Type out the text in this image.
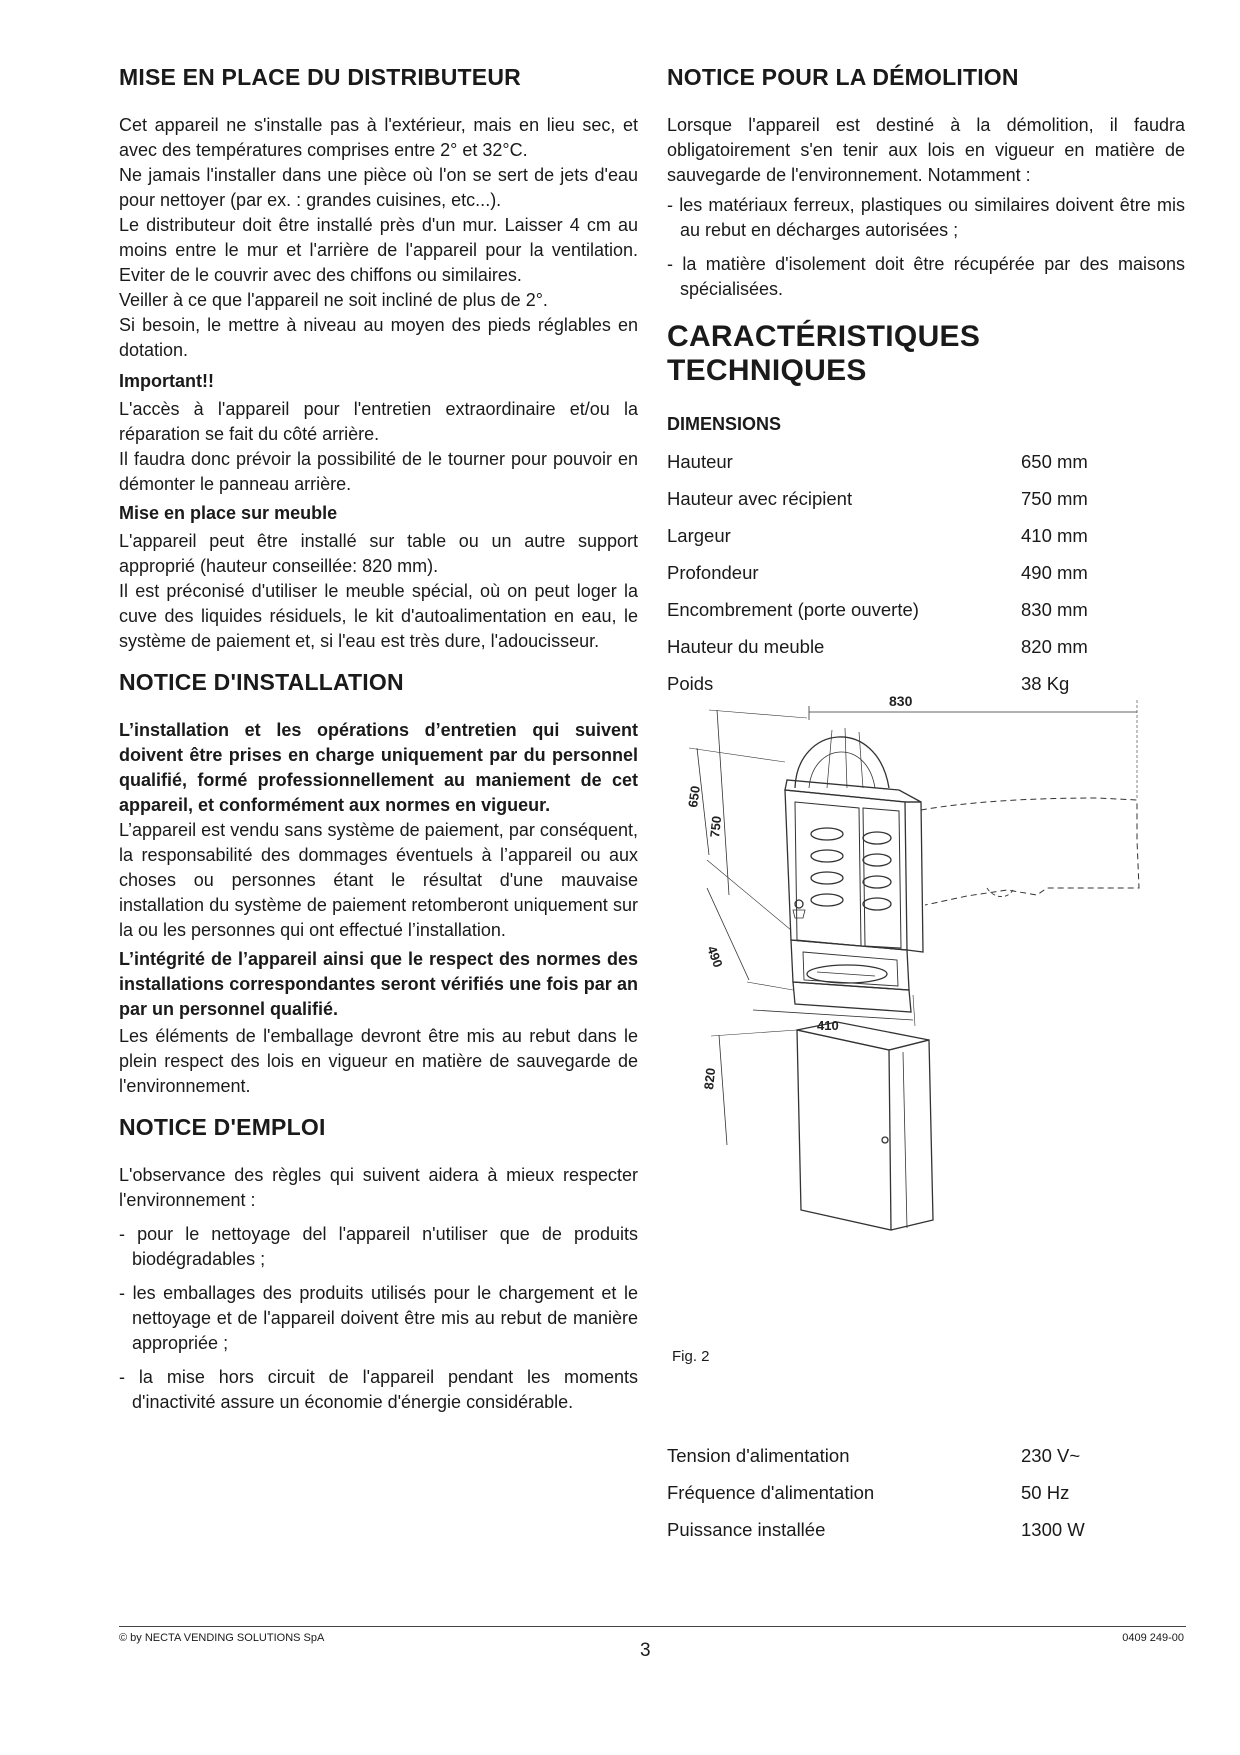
MISE EN PLACE DU DISTRIBUTEUR

Cet appareil ne s'installe pas à l'extérieur, mais en lieu sec, et avec des températures comprises entre 2° et 32°C.

Ne jamais l'installer dans une pièce où l'on se sert de jets d'eau pour nettoyer (par ex. : grandes cuisines, etc...).

Le distributeur doit être installé près d'un mur. Laisser 4 cm au moins entre le mur et l'arrière de l'appareil pour la ventilation. Eviter de le couvrir avec des chiffons ou similaires.

Veiller à ce que l'appareil ne soit incliné de plus de 2°.

Si besoin, le mettre à niveau au moyen des pieds réglables en dotation.

Important!!

L'accès à l'appareil pour l'entretien extraordinaire et/ou la réparation se fait du côté arrière.

Il faudra donc prévoir la possibilité de le tourner pour pouvoir en démonter le panneau arrière.

Mise en place sur meuble

L'appareil peut être installé sur table ou un autre support approprié (hauteur conseillée: 820 mm).

Il est préconisé d'utiliser le meuble spécial, où on peut loger la cuve des liquides résiduels, le kit d'autoalimentation en eau, le système de paiement et, si l'eau est très dure, l'adoucisseur.

NOTICE D'INSTALLATION

L’installation et les opérations d’entretien qui suivent doivent être prises en charge uniquement par du personnel qualifié, formé professionnellement au maniement de cet appareil, et conformément aux normes en vigueur.

L’appareil est vendu sans système de paiement, par conséquent, la responsabilité des dommages éventuels à l’appareil ou aux choses ou personnes étant le résultat d'une mauvaise installation du système de paiement retomberont uniquement sur la ou les personnes qui ont effectué l’installation.

L’intégrité de l’appareil ainsi que le respect des normes des installations correspondantes seront vérifiés une fois par an par un personnel qualifié.

Les éléments de l'emballage devront être mis au rebut dans le plein respect des lois en vigueur en matière de sauvegarde de l'environnement.

NOTICE D'EMPLOI

L'observance des règles qui suivent aidera à mieux respecter l'environnement :

- pour le nettoyage del l'appareil n'utiliser que de produits biodégradables ;

- les emballages des produits utilisés pour le chargement et le nettoyage et de l'appareil doivent être mis au rebut de manière appropriée ;

- la mise hors circuit de l'appareil pendant les moments d'inactivité assure un économie d'énergie considérable.

NOTICE POUR LA DÉMOLITION

Lorsque l'appareil est destiné à la démolition, il faudra obligatoirement s'en tenir aux lois en vigueur en matière de sauvegarde de l'environnement. Notamment :

- les matériaux ferreux, plastiques ou similaires doivent être mis au rebut en décharges autorisées ;

- la matière d'isolement doit être récupérée par des maisons spécialisées.

CARACTÉRISTIQUES TECHNIQUES

DIMENSIONS

Hauteur	650 mm
Hauteur avec récipient	750 mm
Largeur	410 mm
Profondeur	490 mm
Encombrement (porte ouverte)	830 mm
Hauteur du meuble	820 mm
Poids	38 Kg
830
650
750
490
410
820
Fig. 2
Tension d'alimentation	230 V~
Fréquence d'alimentation	50 Hz
Puissance installée	1300 W
© by NECTA VENDING SOLUTIONS SpA
3
0409 249-00
